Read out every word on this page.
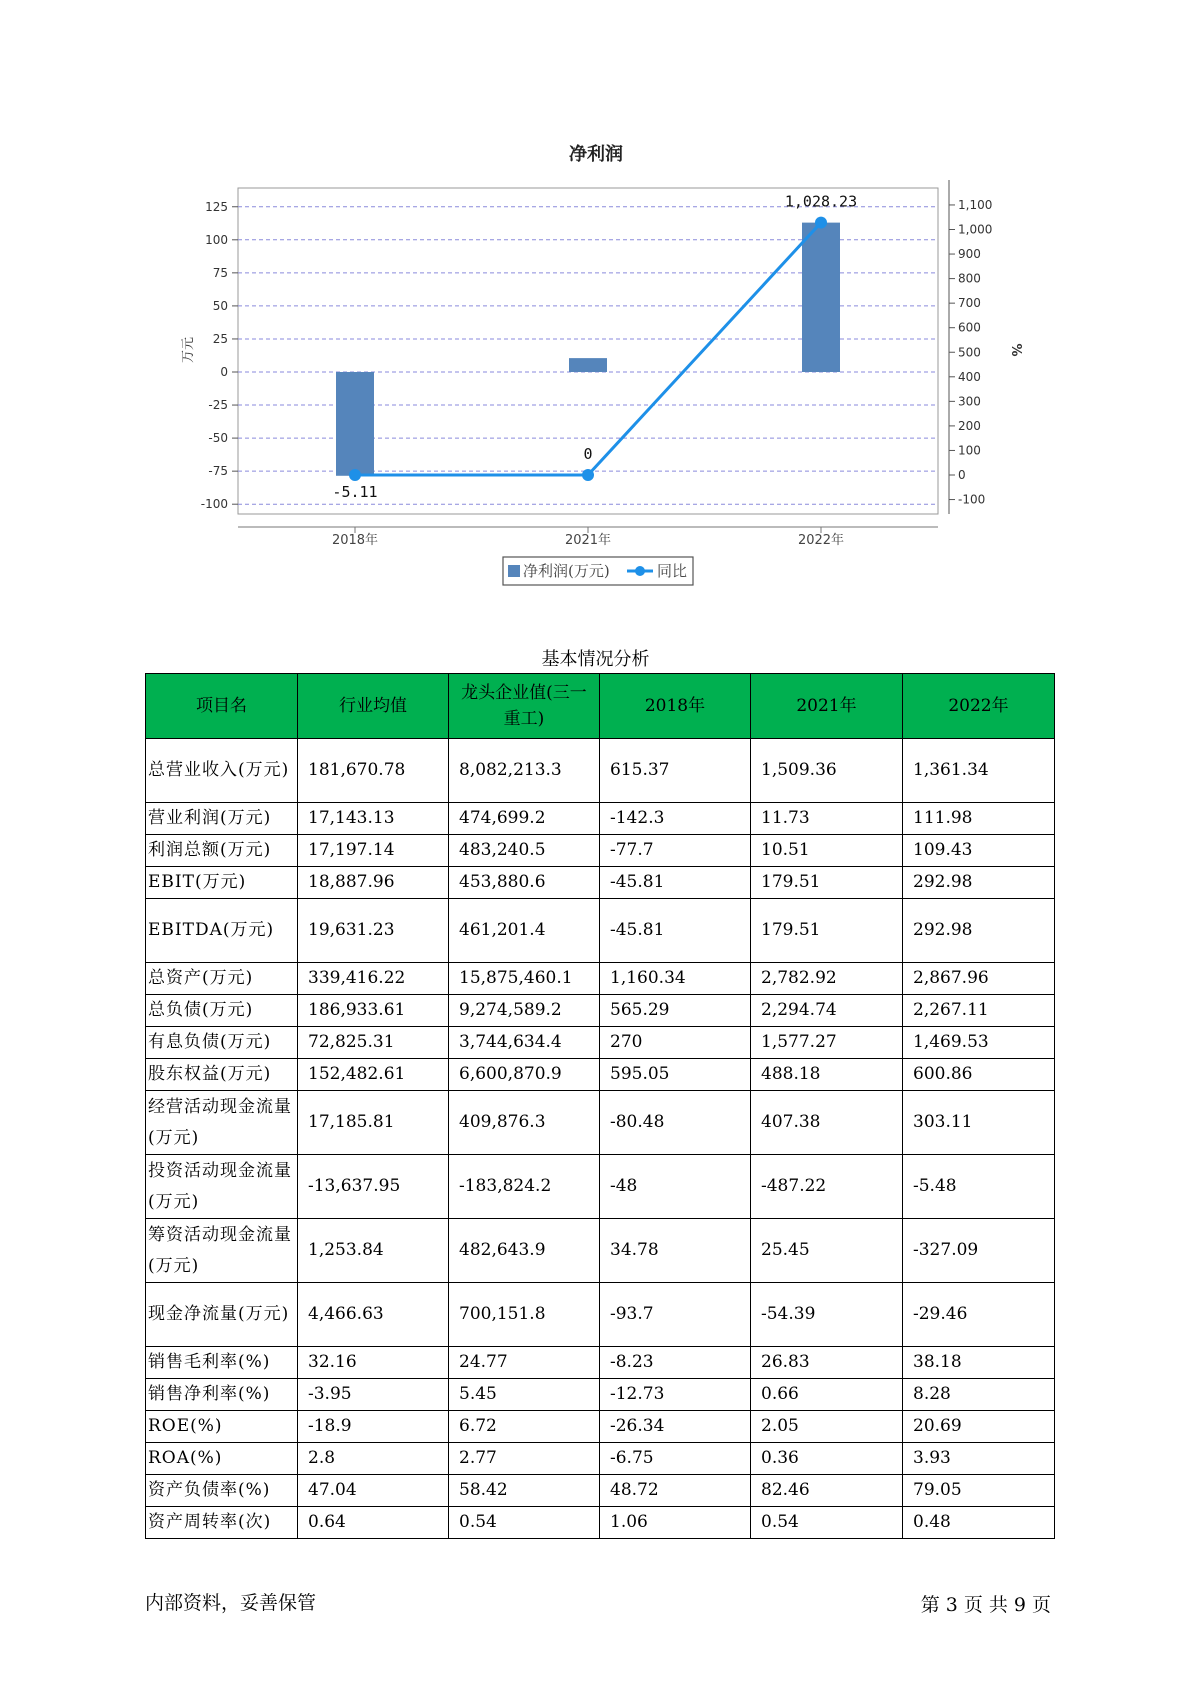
125
100
75
50
25
0
-25
-50
-75
-100
万元
1,100
1,000
900
800
700
600
500
400
300
200
100
0
-100
%
2018年	2021年	2022年
-5.11
0
1,028.23
净利润
净利润(万元)	同比
基本情况分析
项目名	行业均值	龙头企业值(三一重工)	2018年	2021年	2022年
总营业收入(万元)	181,670.78	8,082,213.3	615.37	1,509.36	1,361.34
营业利润(万元)	17,143.13	474,699.2	-142.3	11.73	111.98
利润总额(万元)	17,197.14	483,240.5	-77.7	10.51	109.43
EBIT(万元)	18,887.96	453,880.6	-45.81	179.51	292.98
EBITDA(万元)	19,631.23	461,201.4	-45.81	179.51	292.98
总资产(万元)	339,416.22	15,875,460.1	1,160.34	2,782.92	2,867.96
总负债(万元)	186,933.61	9,274,589.2	565.29	2,294.74	2,267.11
有息负债(万元)	72,825.31	3,744,634.4	270	1,577.27	1,469.53
股东权益(万元)	152,482.61	6,600,870.9	595.05	488.18	600.86
经营活动现金流量(万元)	17,185.81	409,876.3	-80.48	407.38	303.11
投资活动现金流量(万元)	-13,637.95	-183,824.2	-48	-487.22	-5.48
筹资活动现金流量(万元)	1,253.84	482,643.9	34.78	25.45	-327.09
现金净流量(万元)	4,466.63	700,151.8	-93.7	-54.39	-29.46
销售毛利率(%)	32.16	24.77	-8.23	26.83	38.18
销售净利率(%)	-3.95	5.45	-12.73	0.66	8.28
ROE(%)	-18.9	6.72	-26.34	2.05	20.69
ROA(%)	2.8	2.77	-6.75	0.36	3.93
资产负债率(%)	47.04	58.42	48.72	82.46	79.05
资产周转率(次)	0.64	0.54	1.06	0.54	0.48
内部资料，妥善保管	第 3 页 共 9 页
